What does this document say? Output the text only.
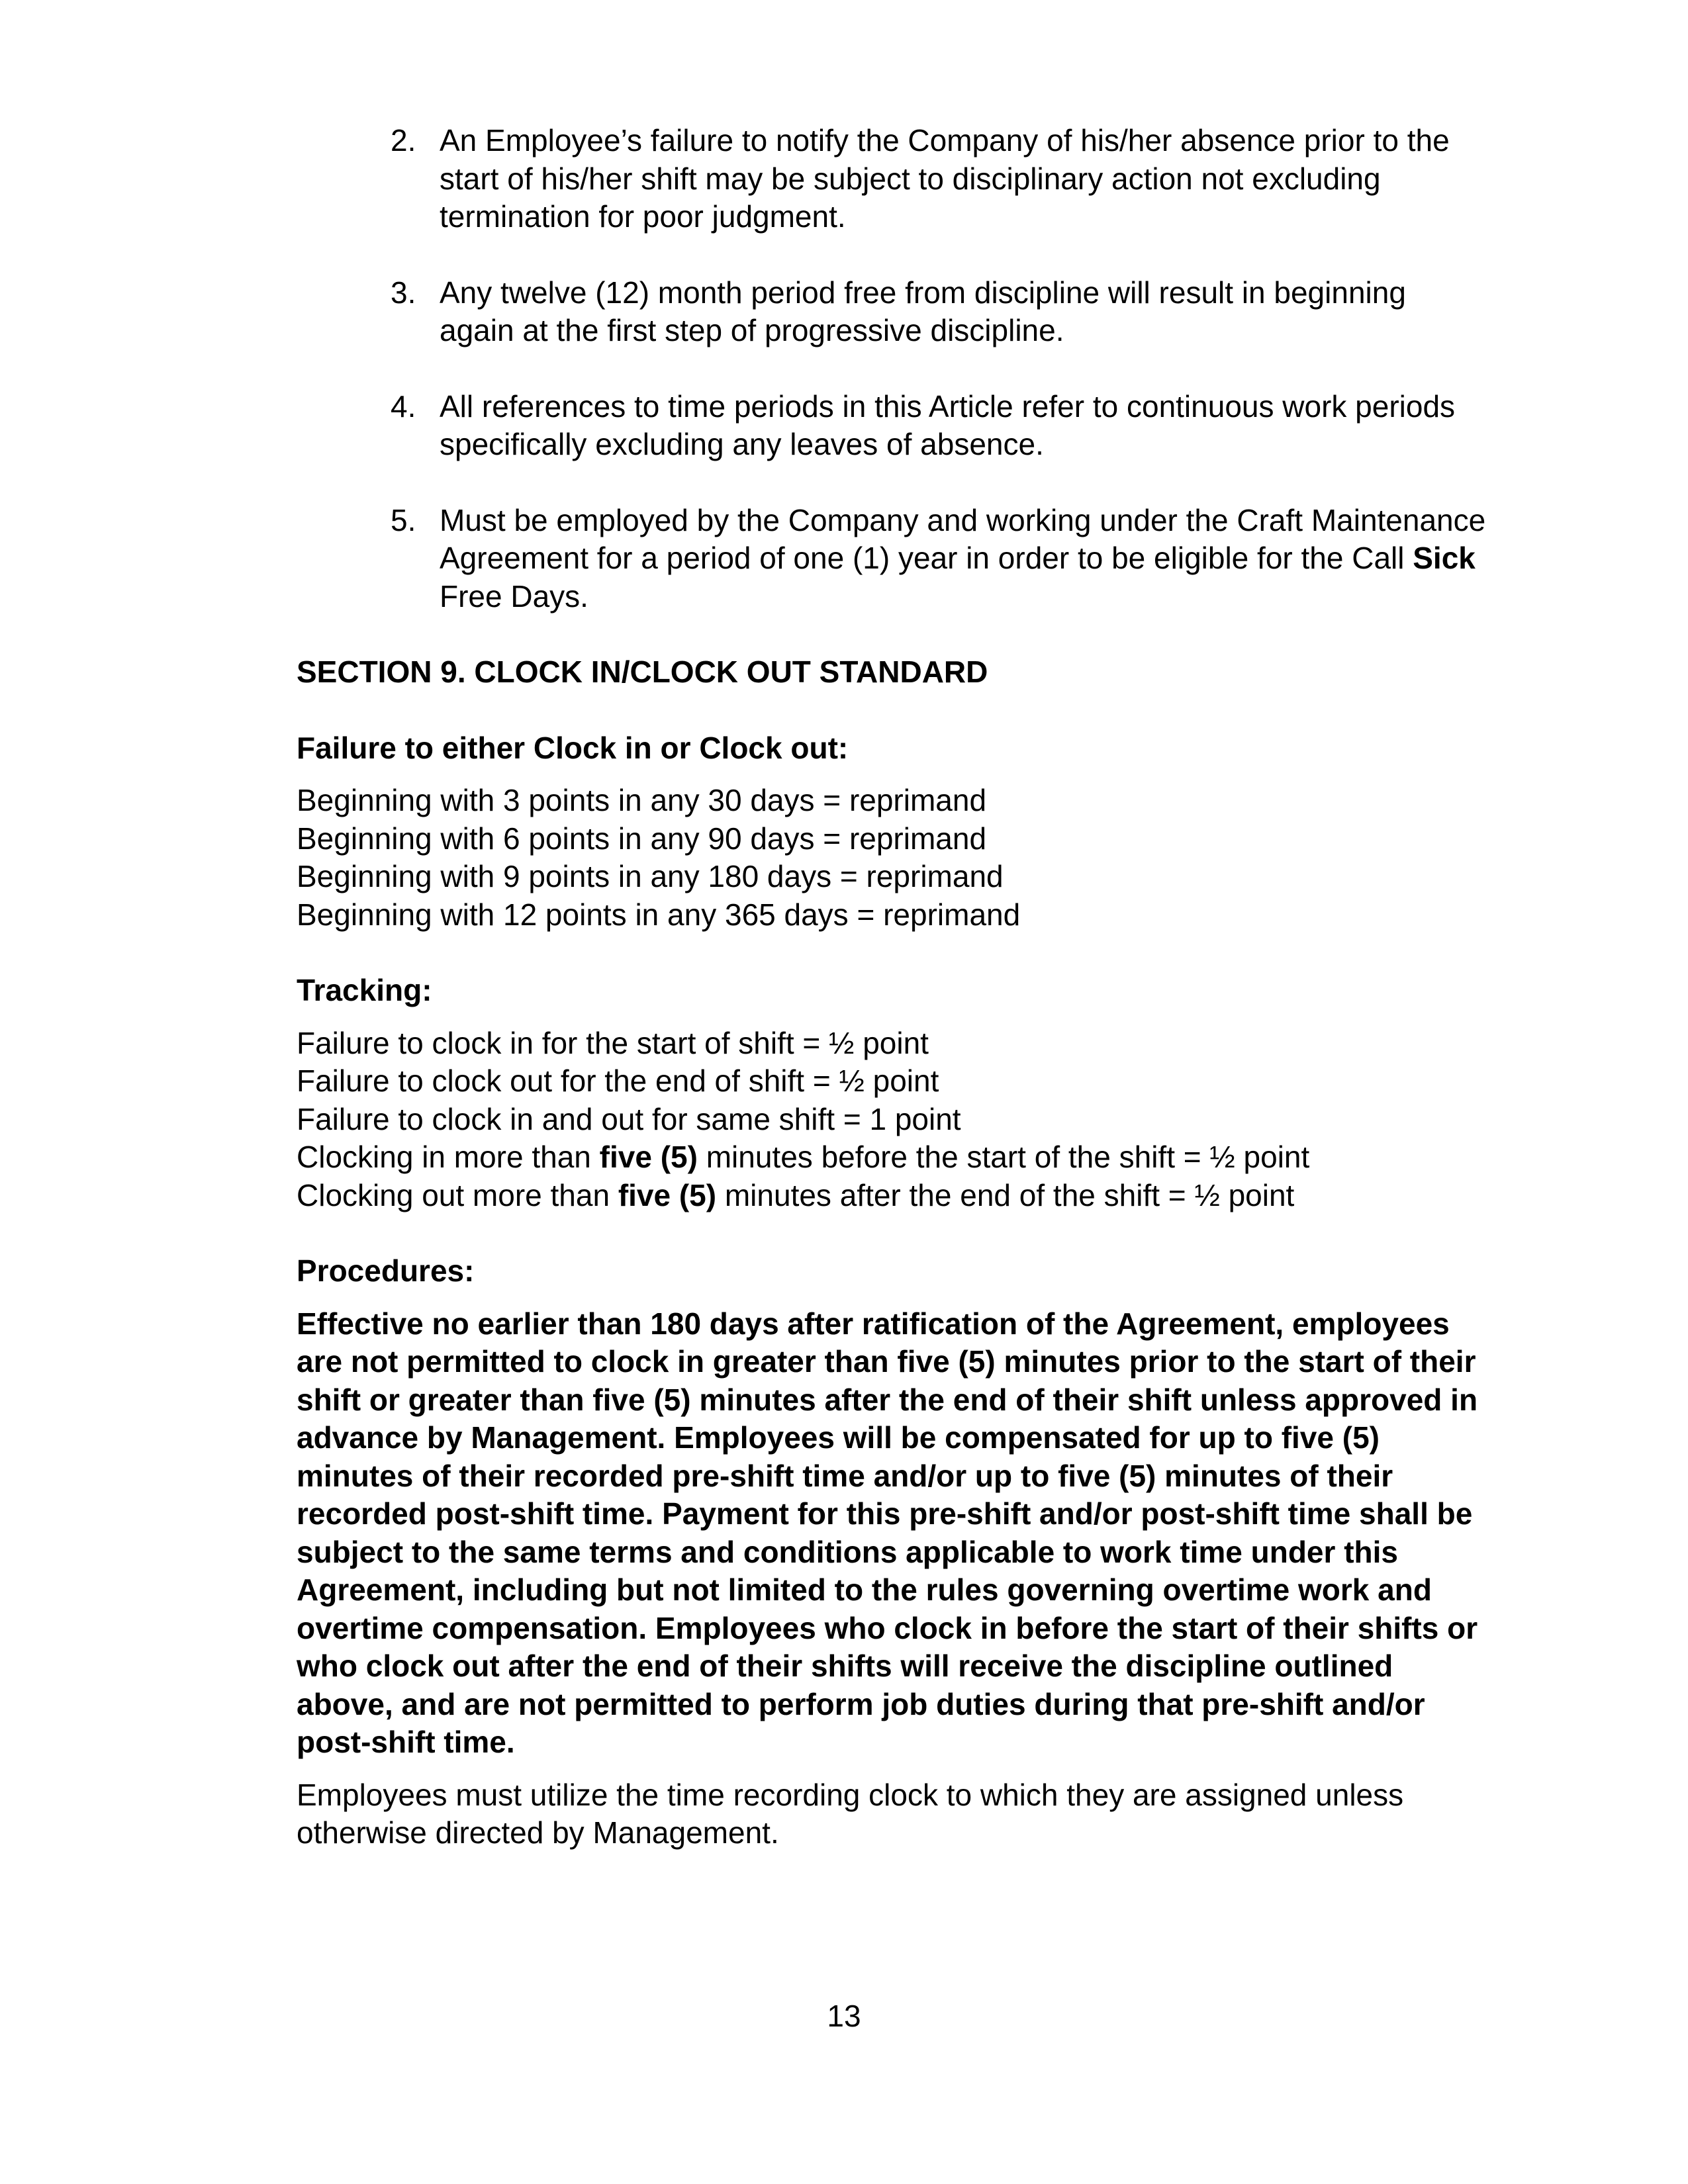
2. An Employee’s failure to notify the Company of his/her absence prior to the start of his/her shift may be subject to disciplinary action not excluding termination for poor judgment.
3. Any twelve (12) month period free from discipline will result in beginning again at the first step of progressive discipline.
4. All references to time periods in this Article refer to continuous work periods specifically excluding any leaves of absence.
5. Must be employed by the Company and working under the Craft Maintenance Agreement for a period of one (1) year in order to be eligible for the Call Sick Free Days.
SECTION 9. CLOCK IN/CLOCK OUT STANDARD
Failure to either Clock in or Clock out:
Beginning with 3 points in any 30 days = reprimand
Beginning with 6 points in any 90 days = reprimand
Beginning with 9 points in any 180 days = reprimand
Beginning with 12 points in any 365 days = reprimand
Tracking:
Failure to clock in for the start of shift = ½ point
Failure to clock out for the end of shift = ½ point
Failure to clock in and out for same shift = 1 point
Clocking in more than five (5) minutes before the start of the shift = ½ point
Clocking out more than five (5) minutes after the end of the shift = ½ point
Procedures:
Effective no earlier than 180 days after ratification of the Agreement, employees are not permitted to clock in greater than five (5) minutes prior to the start of their shift or greater than five (5) minutes after the end of their shift unless approved in advance by Management. Employees will be compensated for up to five (5) minutes of their recorded pre-shift time and/or up to five (5) minutes of their recorded post-shift time. Payment for this pre-shift and/or post-shift time shall be subject to the same terms and conditions applicable to work time under this Agreement, including but not limited to the rules governing overtime work and overtime compensation. Employees who clock in before the start of their shifts or who clock out after the end of their shifts will receive the discipline outlined above, and are not permitted to perform job duties during that pre-shift and/or post-shift time.
Employees must utilize the time recording clock to which they are assigned unless otherwise directed by Management.
13
